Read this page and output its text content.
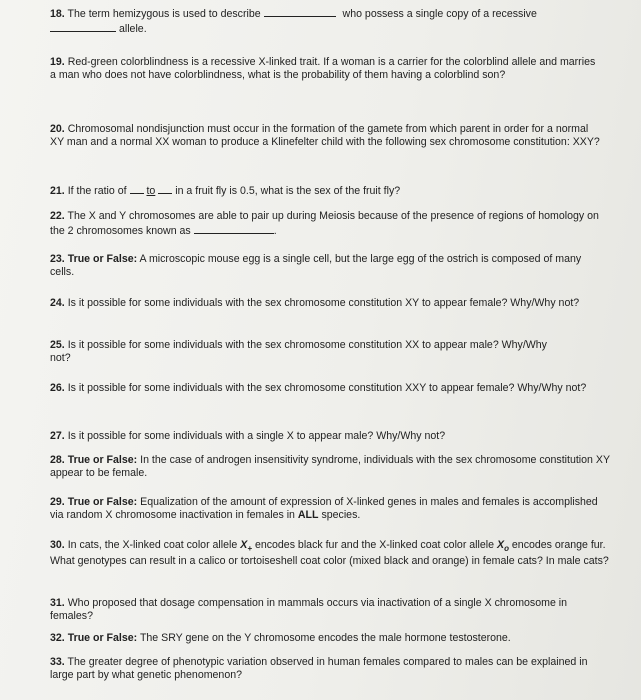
18. The term hemizygous is used to describe	who possess a single copy of a recessive
allele.
19. Red-green colorblindness is a recessive X-linked trait. If a woman is a carrier for the colorblind allele and marries a man who does not have colorblindness, what is the probability of them having a colorblind son?
20. Chromosomal nondisjunction must occur in the formation of the gamete from which parent in order for a normal XY man and a normal XX woman to produce a Klinefelter child with the following sex chromosome constitution: XXY?
21. If the ratio of to in a fruit fly is 0.5, what is the sex of the fruit fly?
22. The X and Y chromosomes are able to pair up during Meiosis because of the presence of regions of homology on the 2 chromosomes known as	.
23. True or False: A microscopic mouse egg is a single cell, but the large egg of the ostrich is composed of many cells.
24. Is it possible for some individuals with the sex chromosome constitution XY to appear female? Why/Why not?
25. Is it possible for some individuals with the sex chromosome constitution XX to appear male? Why/Why not?
26. Is it possible for some individuals with the sex chromosome constitution XXY to appear female? Why/Why not?
27. Is it possible for some individuals with a single X to appear male? Why/Why not?
28. True or False: In the case of androgen insensitivity syndrome, individuals with the sex chromosome constitution XY appear to be female.
29. True or False: Equalization of the amount of expression of X-linked genes in males and females is accomplished via random X chromosome inactivation in females in ALL species.
30. In cats, the X-linked coat color allele $X_+$ encodes black fur and the X-linked coat color allele $X_o$ encodes orange fur. What genotypes can result in a calico or tortoiseshell coat color (mixed black and orange) in female cats? In male cats?
31. Who proposed that dosage compensation in mammals occurs via inactivation of a single X chromosome in females?
32. True or False: The SRY gene on the Y chromosome encodes the male hormone testosterone.
33. The greater degree of phenotypic variation observed in human females compared to males can be explained in large part by what genetic phenomenon?
